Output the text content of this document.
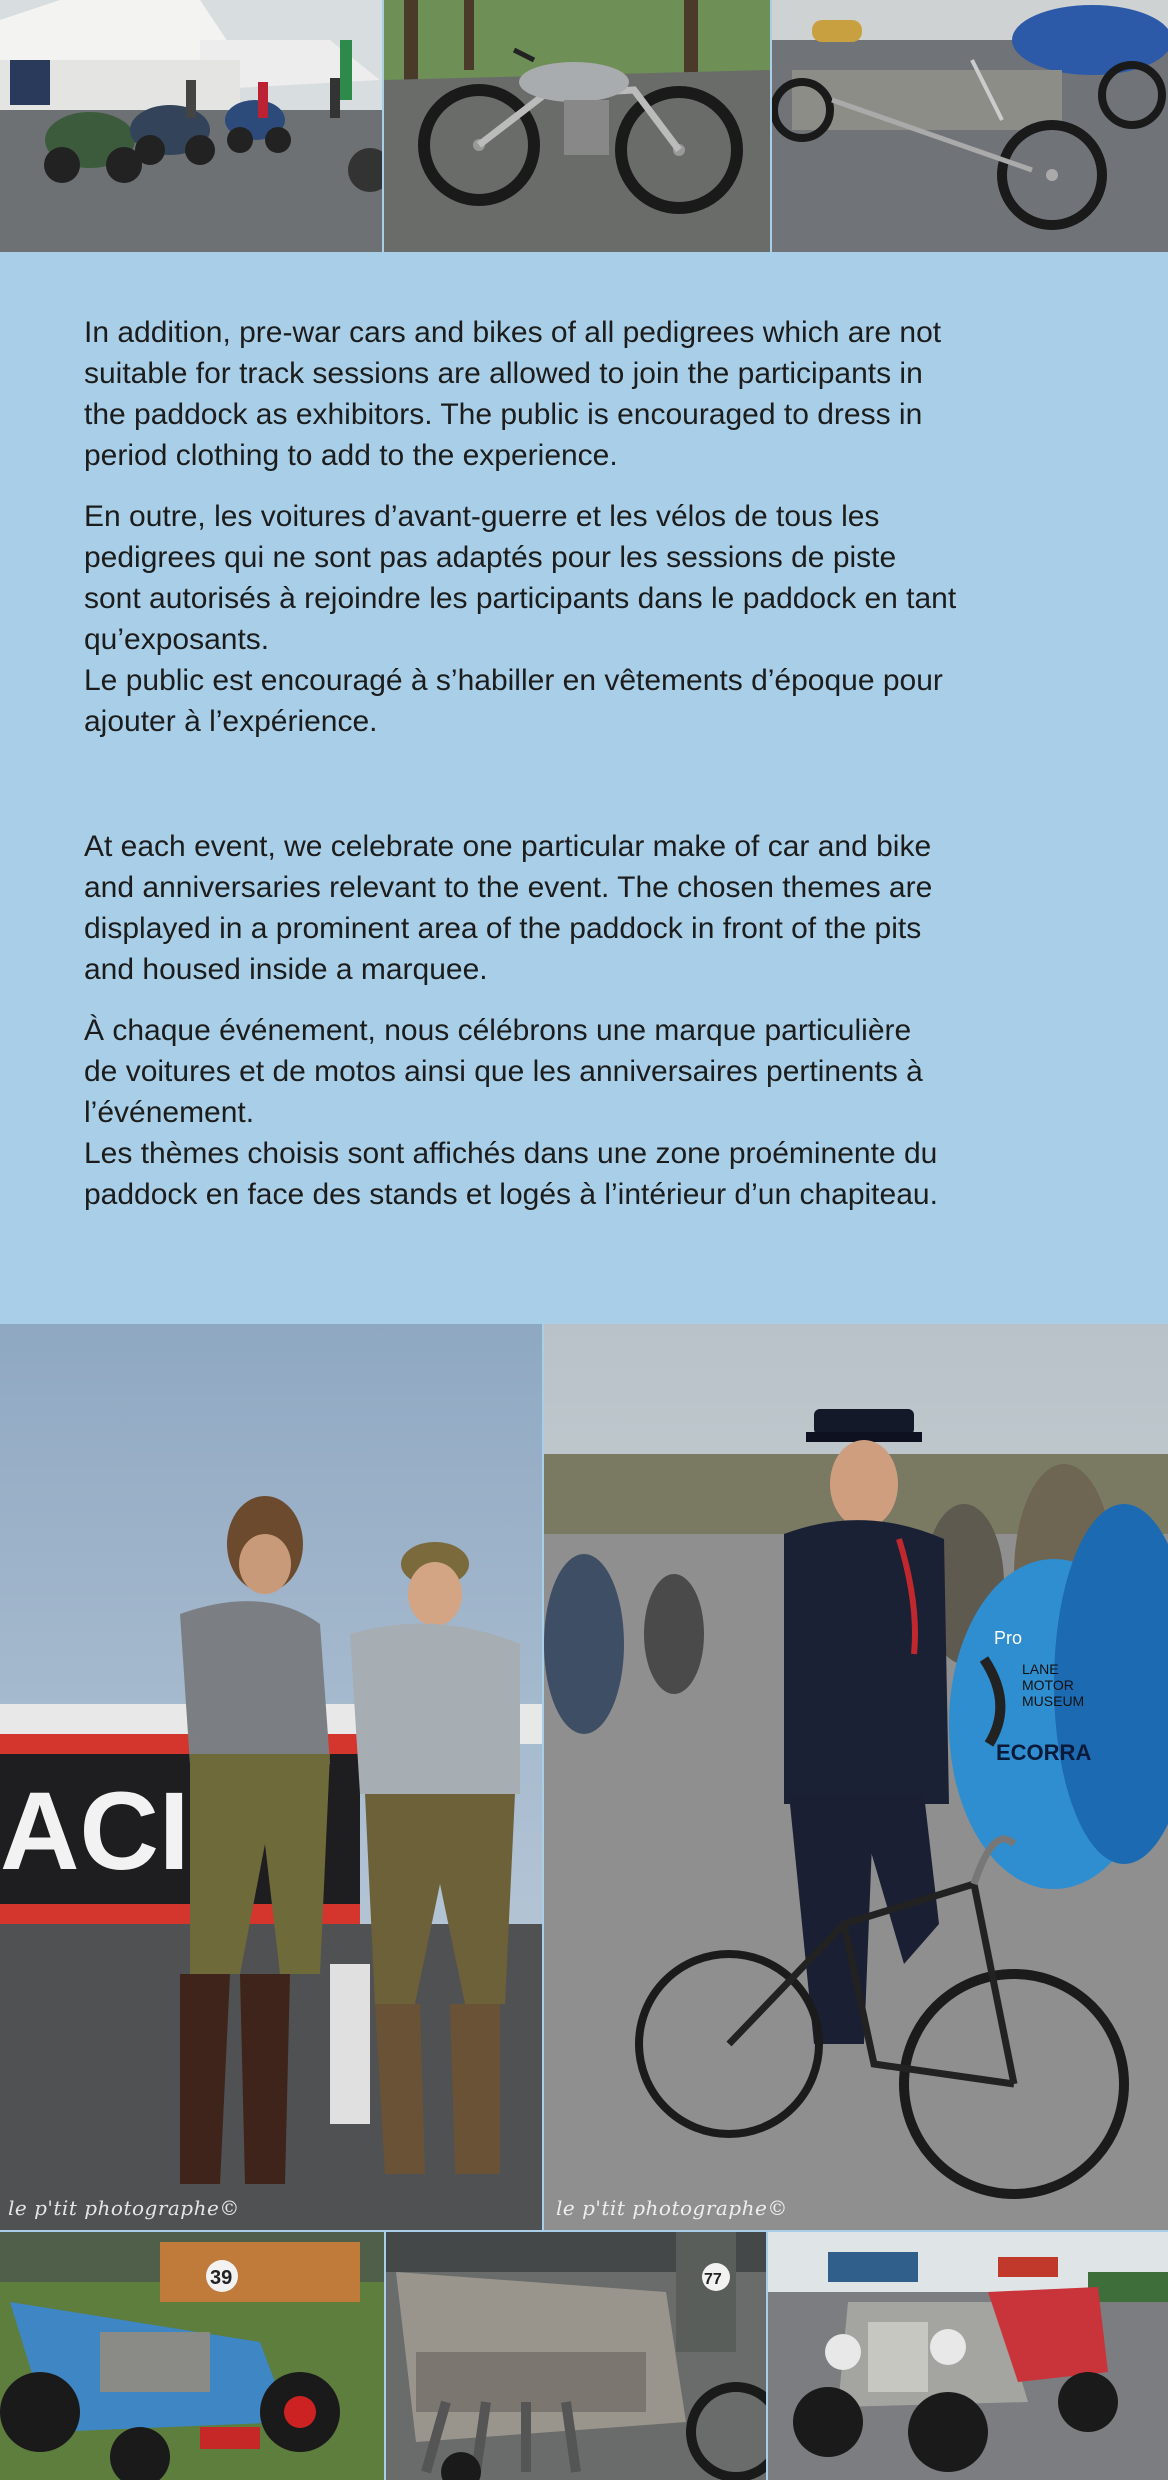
In addition, pre-war cars and bikes of all pedigrees which are not
suitable for track sessions are allowed to join the participants in
the paddock as exhibitors. The public is encouraged to dress in
period clothing to add to the experience.

En outre, les voitures d’avant-guerre et les vélos de tous les
pedigrees qui ne sont pas adaptés pour les sessions de piste
sont autorisés à rejoindre les participants dans le paddock en tant
qu’exposants.
Le public est encouragé à s’habiller en vêtements d’époque pour
ajouter à l’expérience.

At each event, we celebrate one particular make of car and bike
and anniversaries relevant to the event. The chosen themes are
displayed in a prominent area of the paddock in front of the pits
and housed inside a marquee.

À chaque événement, nous célébrons une marque particulière
de voitures et de motos ainsi que les anniversaires pertinents à
l’événement.
Les thèmes choisis sont affichés dans une zone proéminente du
paddock en face des stands et logés à l’intérieur d’un chapiteau.

ACI
le p'tit photographe©
Pro
LANE
MOTOR
MUSEUM
ECORRA
le p'tit photographe©
39	77
